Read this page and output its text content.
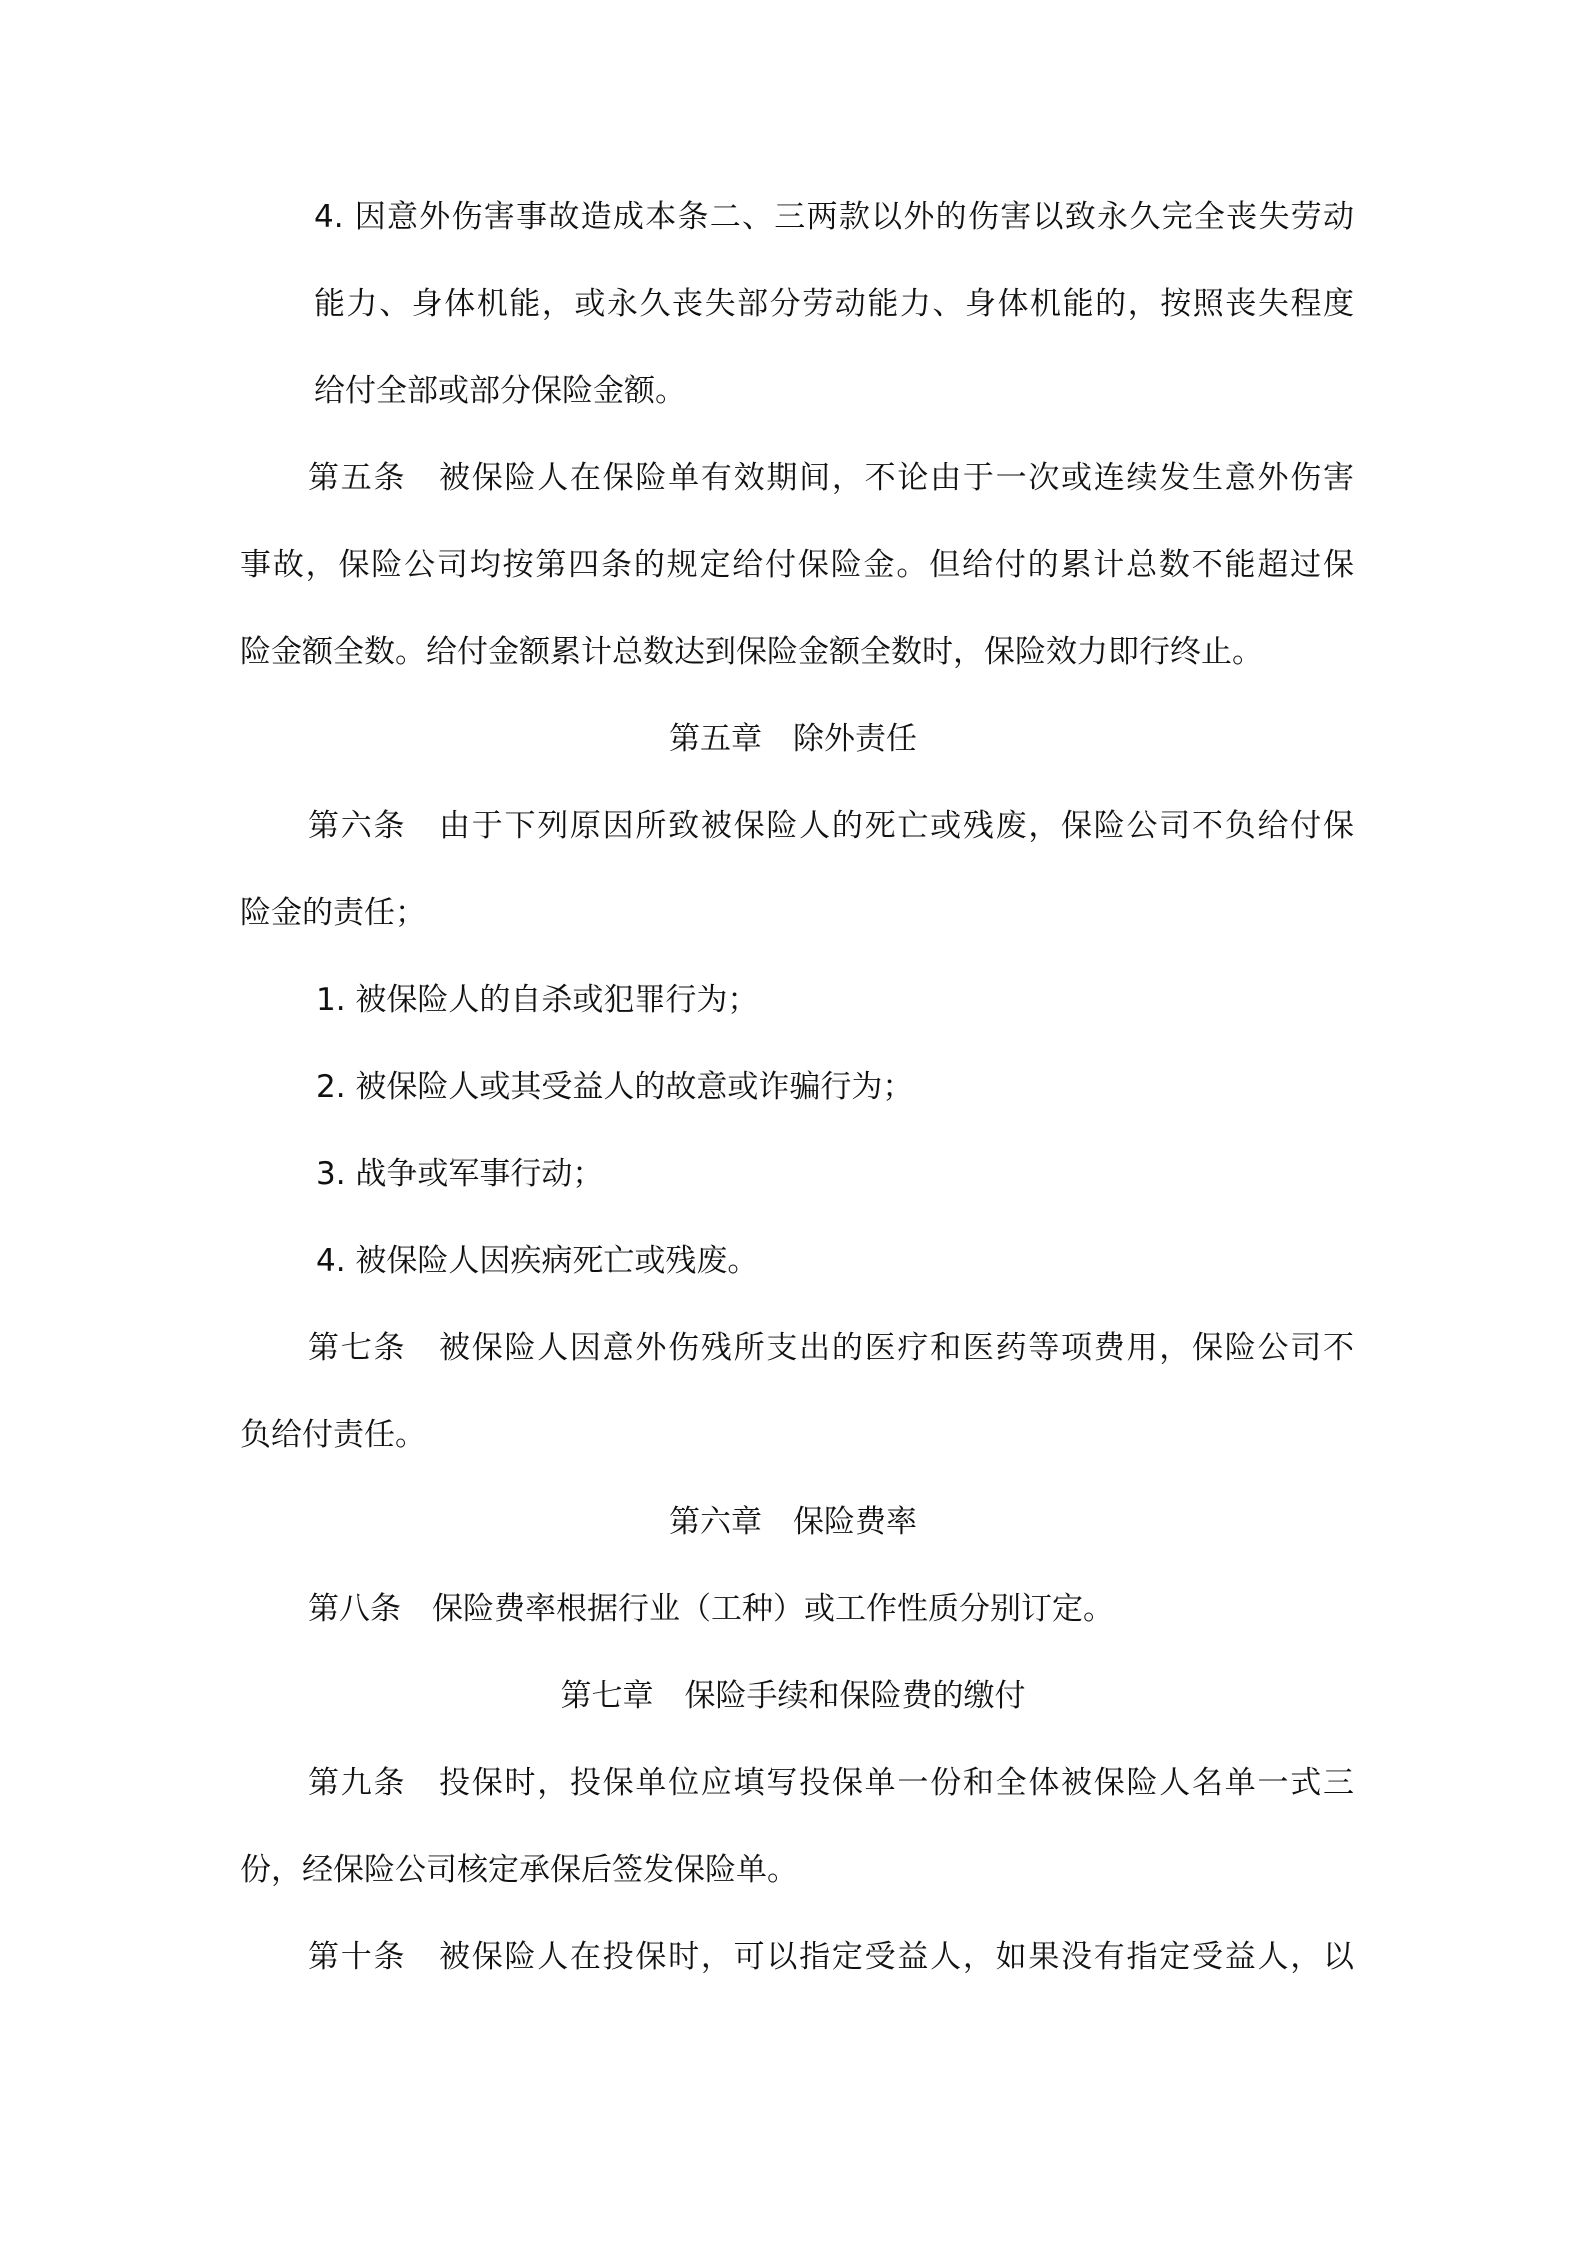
4. 因意外伤害事故造成本条二、三两款以外的伤害以致永久完全丧失劳动
能力、身体机能，或永久丧失部分劳动能力、身体机能的，按照丧失程度
给付全部或部分保险金额。
第五条　被保险人在保险单有效期间，不论由于一次或连续发生意外伤害
事故，保险公司均按第四条的规定给付保险金。但给付的累计总数不能超过保
险金额全数。给付金额累计总数达到保险金额全数时，保险效力即行终止。
第五章　除外责任
第六条　由于下列原因所致被保险人的死亡或残废，保险公司不负给付保
险金的责任；
1. 被保险人的自杀或犯罪行为；
2. 被保险人或其受益人的故意或诈骗行为；
3. 战争或军事行动；
4. 被保险人因疾病死亡或残废。
第七条　被保险人因意外伤残所支出的医疗和医药等项费用，保险公司不
负给付责任。
第六章　保险费率
第八条　保险费率根据行业（工种）或工作性质分别订定。
第七章　保险手续和保险费的缴付
第九条　投保时，投保单位应填写投保单一份和全体被保险人名单一式三
份，经保险公司核定承保后签发保险单。
第十条　被保险人在投保时，可以指定受益人，如果没有指定受益人，以
